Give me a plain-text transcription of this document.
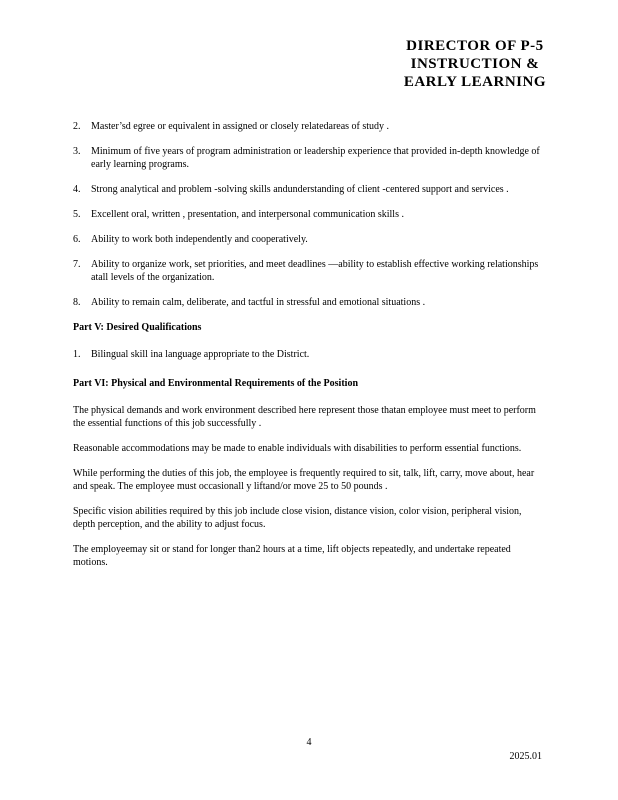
DIRECTOR OF P-5
INSTRUCTION &
EARLY LEARNING
2.	Master’sd egree or equivalent in assigned or closely relatedareas of study .
3.	Minimum of five years of program administration or leadership experience that provided in-depth knowledge of early learning programs.
4.	Strong analytical and problem -solving skills andunderstanding of client -centered support and services .
5.	Excellent oral, written , presentation, and interpersonal communication skills .
6.	Ability to work both independently and cooperatively.
7.	Ability to organize work, set priorities, and meet deadlines —ability to establish effective working relationships atall levels of the organization.
8.	Ability to remain calm, deliberate, and tactful in stressful and emotional situations .
Part V: Desired Qualifications
1.	Bilingual skill ina language appropriate to the District.
Part VI: Physical and Environmental Requirements of the Position
The physical demands and work environment described here represent those thatan employee must meet to perform the essential functions of this job successfully .
Reasonable accommodations may be made to enable individuals with disabilities to perform essential functions.
While performing the duties of this job, the employee is frequently required to sit, talk, lift, carry, move about, hear and speak. The employee must occasionall y liftand/or move 25 to 50 pounds .
Specific vision abilities required by this job include close vision, distance vision, color vision, peripheral vision, depth perception, and the ability to adjust focus.
The employeemay sit or stand for longer than2 hours at a time, lift objects repeatedly, and undertake repeated motions.
4
2025.01
